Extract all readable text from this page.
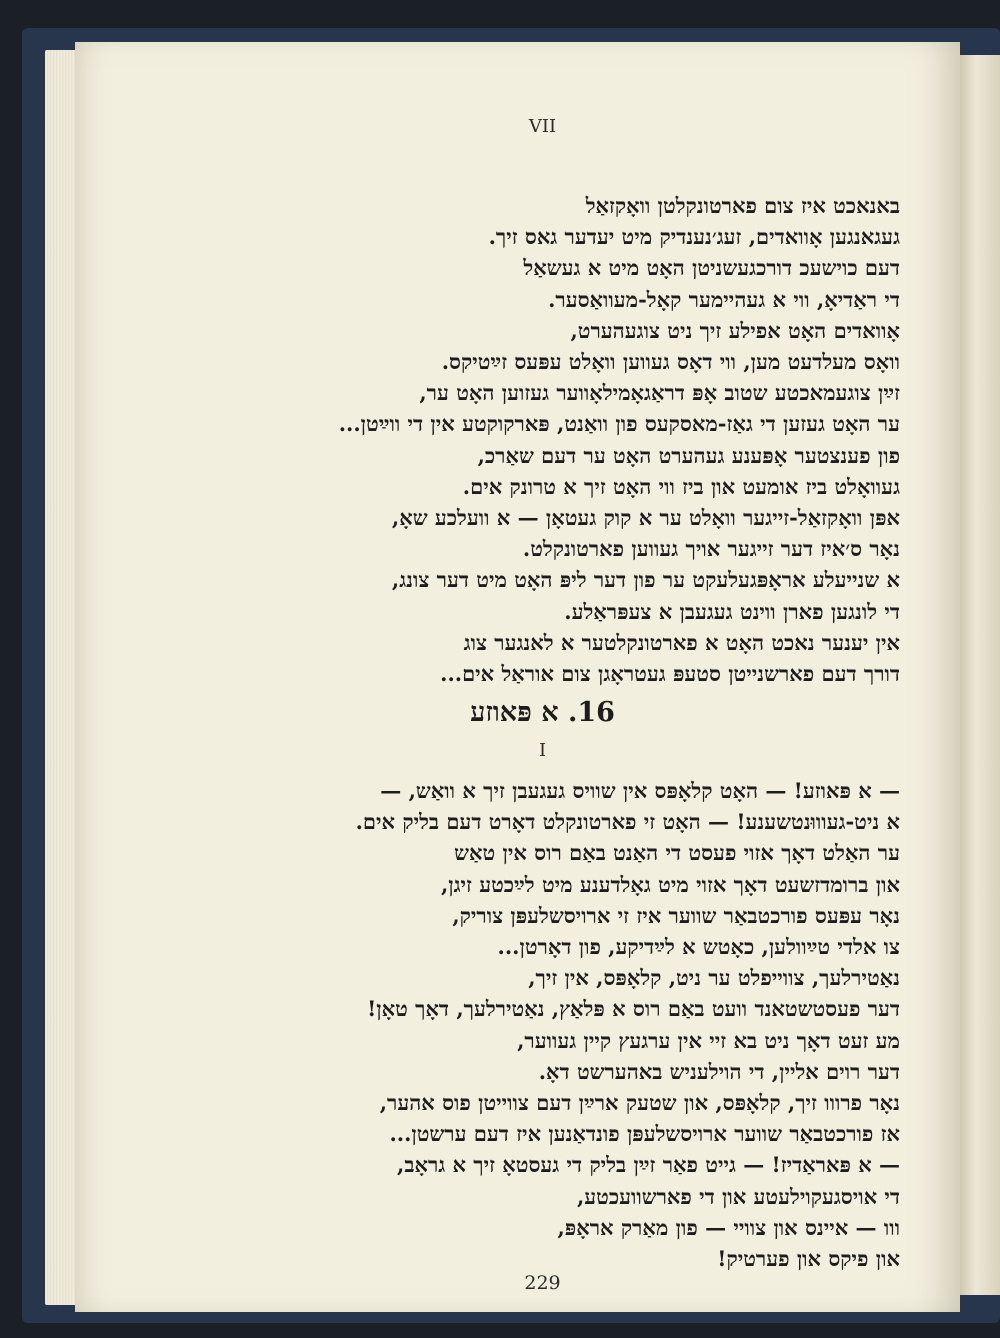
VII
באנאכט איז צום פארטונקלטן וואָקזאַל
געגאנגען אָוואדים, זעג׳נענדיק מיט יעדער גאס זיך.
דעם כוישעכ דורכגעשניטן האָט מיט א געשאַל
די ראַדיאָ, ווי א געהיימער קאָל-מעוואַסער.
אָוואדים האָט אפילע זיך ניט צוגעהערט,
וואָס מעלדעט מען, ווי דאָס געווען וואָלט עפּעס זײַטיקס.
זײַן צוגעמאכטע שטוב אָפּ דראַגאָמילאָווער געזוען האָט ער,
ער האָט געזען די גאַז-מאסקעס פון וואַנט, פּארקוקטע אין די ווײַטן...
פון פענצטער אָפּענע געהערט האָט ער דעם שאַרכ,
געוואָלט ביז אומעט און ביז ווי האָט זיך א טרונק אים.
אפּן וואָקזאַל-זייגער וואָלט ער א קוק געטאָן — א וועלכע שאָ,
נאָר ס׳איז דער זייגער אויך געווען פארטונקלט.
א שנייעלע אראָפּגעלעקט ער פון דער ליפּ האָט מיט דער צונג,
די לונגען פארן ווינט געגעבן א צעפּראַלע.
אין יענער נאכט האָט א פארטונקלטער א לאנגער צוג
דורך דעם פארשנייטן סטעפּ געטראָגן צום אוראַל אים...
16. א פּאוזע
I
— א פּאוזע! — האָט קלאָפּס אין שוויס געגעבן זיך א וואַש, —
א ניט-געוווּנטשענע! — האָט זי פארטונקלט דאָרט דעם בליק אים.
ער האַלט דאָך אזוי פעסט די האַנט באַם רוס אין טאַש
און ברומדזשעט דאָך אזוי מיט גאָלדענע מיט לײַכטע זיגן,
נאָר עפּעס פורכטבאַר שווער איז זי ארויסשלעפּן צוריק,
צו אלדי טײַוולען, כאָטש א לײַדיקע, פון דאָרטן...
נאַטירלעך, צווייפלט ער ניט, קלאָפּס, אין זיך,
דער פעסטשטאנד וועט באַם רוס א פּלאַץ, נאַטירלעך, דאָך טאָן!
מע זעט דאָך ניט בא זיי אין ערגעץ קיין געווער,
דער רוים אליין, די הוילעניש באהערשט דאָ.
נאָר פרווו זיך, קלאָפּס, און שטעק ארײַן דעם צווייטן פוס אהער,
אז פורכטבאַר שווער ארויסשלעפּן פונדאַנען איז דעם ערשטן...
— א פּאראַדיז! — גייט פאַר זײַן בליק די געסטאָ זיך א גראָב,
די אויסגעקוילעטע און די פארשוועכטע,
ווו — איינס און צוויי — פון מאַרק אראָפּ,
און פיקס און פערטיק!
229
